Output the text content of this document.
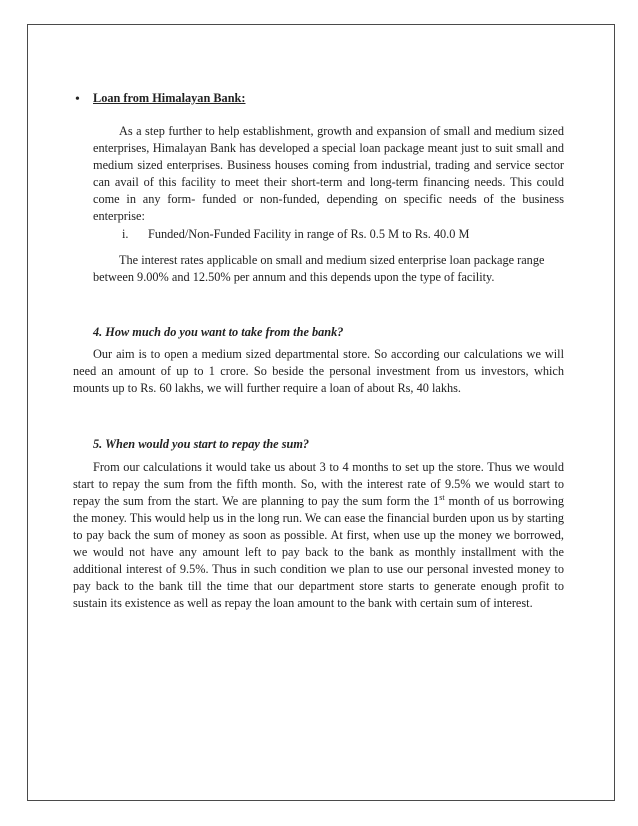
• Loan from Himalayan Bank:
As a step further to help establishment, growth and expansion of small and medium sized enterprises, Himalayan Bank has developed a special loan package meant just to suit small and medium sized enterprises. Business houses coming from industrial, trading and service sector can avail of this facility to meet their short-term and long-term financing needs. This could come in any form- funded or non-funded, depending on specific needs of the business enterprise:
i. Funded/Non-Funded Facility in range of Rs. 0.5 M to Rs. 40.0 M
The interest rates applicable on small and medium sized enterprise loan package range between 9.00% and 12.50% per annum and this depends upon the type of facility.
4. How much do you want to take from the bank?
Our aim is to open a medium sized departmental store. So according our calculations we will need an amount of up to 1 crore. So beside the personal investment from us investors, which mounts up to Rs. 60 lakhs, we will further require a loan of about Rs, 40 lakhs.
5. When would you start to repay the sum?
From our calculations it would take us about 3 to 4 months to set up the store. Thus we would start to repay the sum from the fifth month. So, with the interest rate of 9.5% we would start to repay the sum from the start. We are planning to pay the sum form the 1st month of us borrowing the money. This would help us in the long run. We can ease the financial burden upon us by starting to pay back the sum of money as soon as possible. At first, when use up the money we borrowed, we would not have any amount left to pay back to the bank as monthly installment with the additional interest of 9.5%. Thus in such condition we plan to use our personal invested money to pay back to the bank till the time that our department store starts to generate enough profit to sustain its existence as well as repay the loan amount to the bank with certain sum of interest.
